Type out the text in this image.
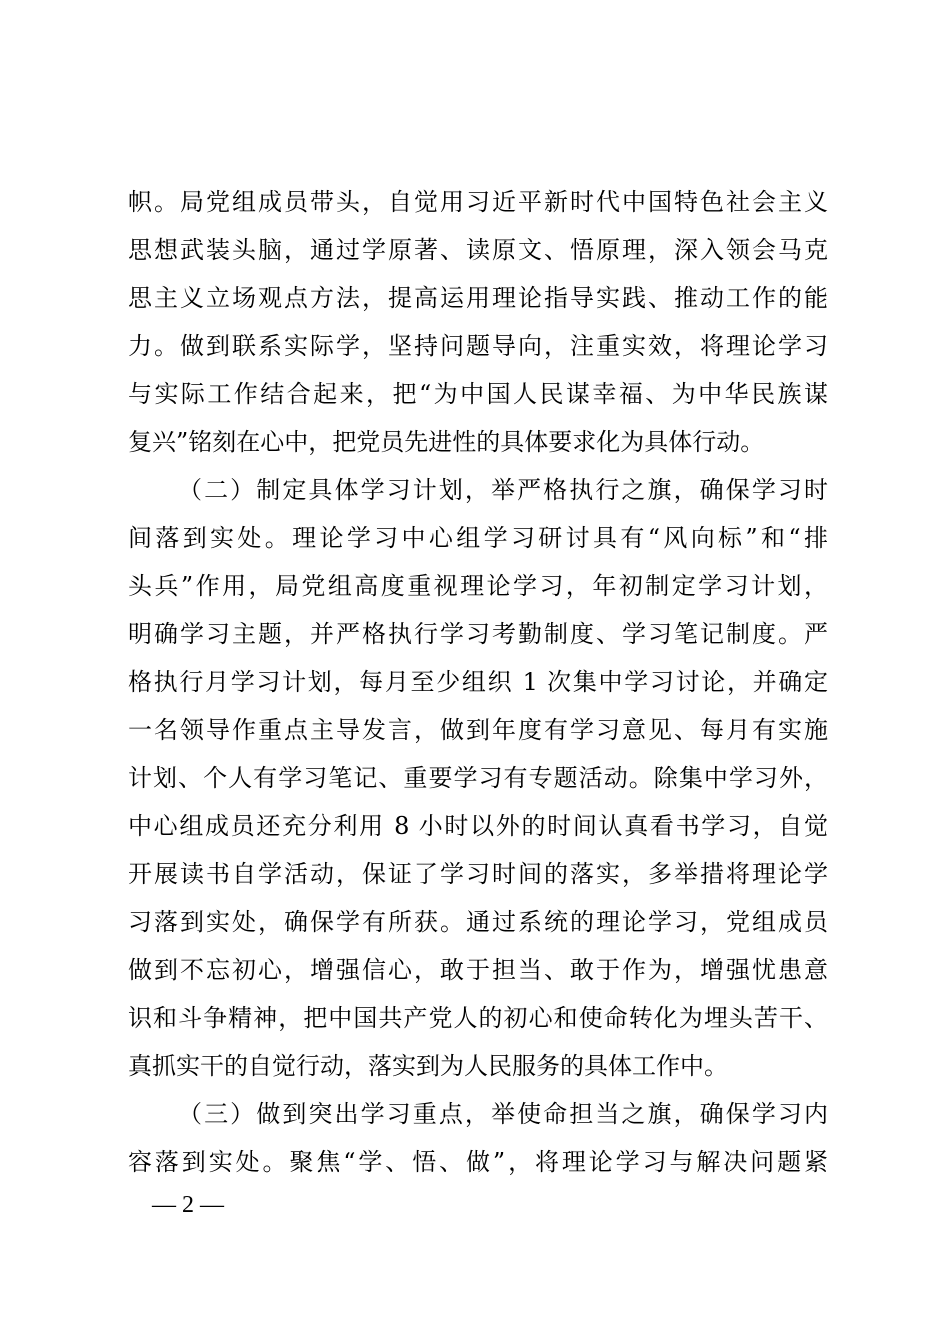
帜。局党组成员带头，自觉用习近平新时代中国特色社会主义
思想武装头脑，通过学原著、读原文、悟原理，深入领会马克
思主义立场观点方法，提高运用理论指导实践、推动工作的能
力。做到联系实际学，坚持问题导向，注重实效，将理论学习
与实际工作结合起来，把“为中国人民谋幸福、为中华民族谋
复兴”铭刻在心中，把党员先进性的具体要求化为具体行动。
（二）制定具体学习计划，举严格执行之旗，确保学习时
间落到实处。理论学习中心组学习研讨具有“风向标”和“排
头兵”作用，局党组高度重视理论学习，年初制定学习计划，
明确学习主题，并严格执行学习考勤制度、学习笔记制度。严
格执行月学习计划，每月至少组织 1 次集中学习讨论，并确定
一名领导作重点主导发言，做到年度有学习意见、每月有实施
计划、个人有学习笔记、重要学习有专题活动。除集中学习外，
中心组成员还充分利用 8 小时以外的时间认真看书学习，自觉
开展读书自学活动，保证了学习时间的落实，多举措将理论学
习落到实处，确保学有所获。通过系统的理论学习，党组成员
做到不忘初心，增强信心，敢于担当、敢于作为，增强忧患意
识和斗争精神，把中国共产党人的初心和使命转化为埋头苦干、
真抓实干的自觉行动，落实到为人民服务的具体工作中。
（三）做到突出学习重点，举使命担当之旗，确保学习内
容落到实处。聚焦“学、悟、做”，将理论学习与解决问题紧
— 2 —
